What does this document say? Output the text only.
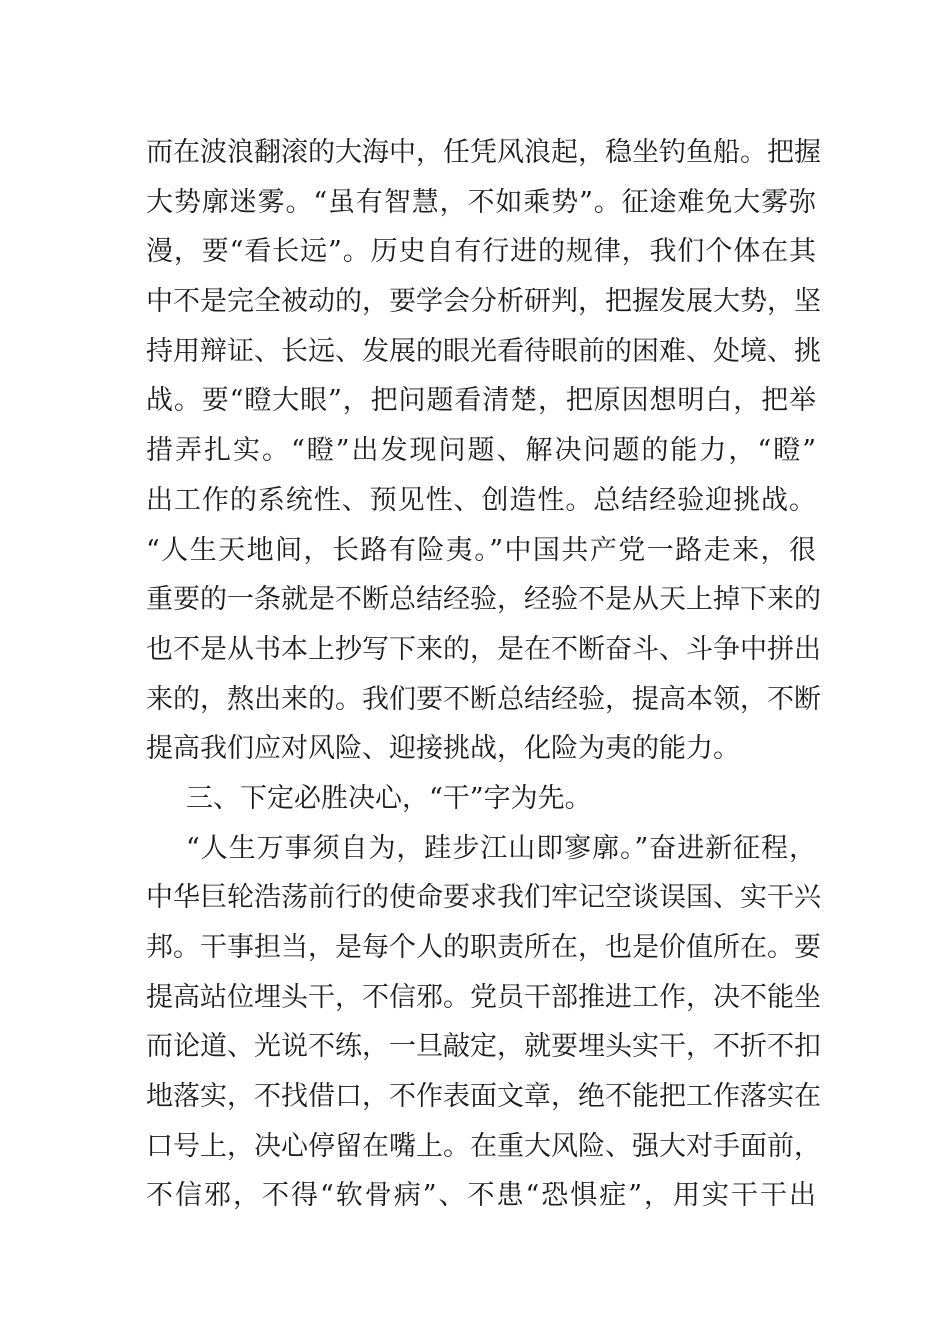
而在波浪翻滚的大海中，任凭风浪起，稳坐钓鱼船。把握
大势廓迷雾。“虽有智慧，不如乘势”。征途难免大雾弥
漫，要“看长远”。历史自有行进的规律，我们个体在其
中不是完全被动的，要学会分析研判，把握发展大势，坚
持用辩证、长远、发展的眼光看待眼前的困难、处境、挑
战。要“瞪大眼”，把问题看清楚，把原因想明白，把举
措弄扎实。“瞪”出发现问题、解决问题的能力，“瞪”
出工作的系统性、预见性、创造性。总结经验迎挑战。
“人生天地间，长路有险夷。”中国共产党一路走来，很
重要的一条就是不断总结经验，经验不是从天上掉下来的
也不是从书本上抄写下来的，是在不断奋斗、斗争中拼出
来的，熬出来的。我们要不断总结经验，提高本领，不断
提高我们应对风险、迎接挑战，化险为夷的能力。
三、下定必胜决心，“干”字为先。
“人生万事须自为，跬步江山即寥廓。”奋进新征程，
中华巨轮浩荡前行的使命要求我们牢记空谈误国、实干兴
邦。干事担当，是每个人的职责所在，也是价值所在。要
提高站位埋头干，不信邪。党员干部推进工作，决不能坐
而论道、光说不练，一旦敲定，就要埋头实干，不折不扣
地落实，不找借口，不作表面文章，绝不能把工作落实在
口号上，决心停留在嘴上。在重大风险、强大对手面前，
不信邪，不得“软骨病”、不患“恐惧症”，用实干干出
